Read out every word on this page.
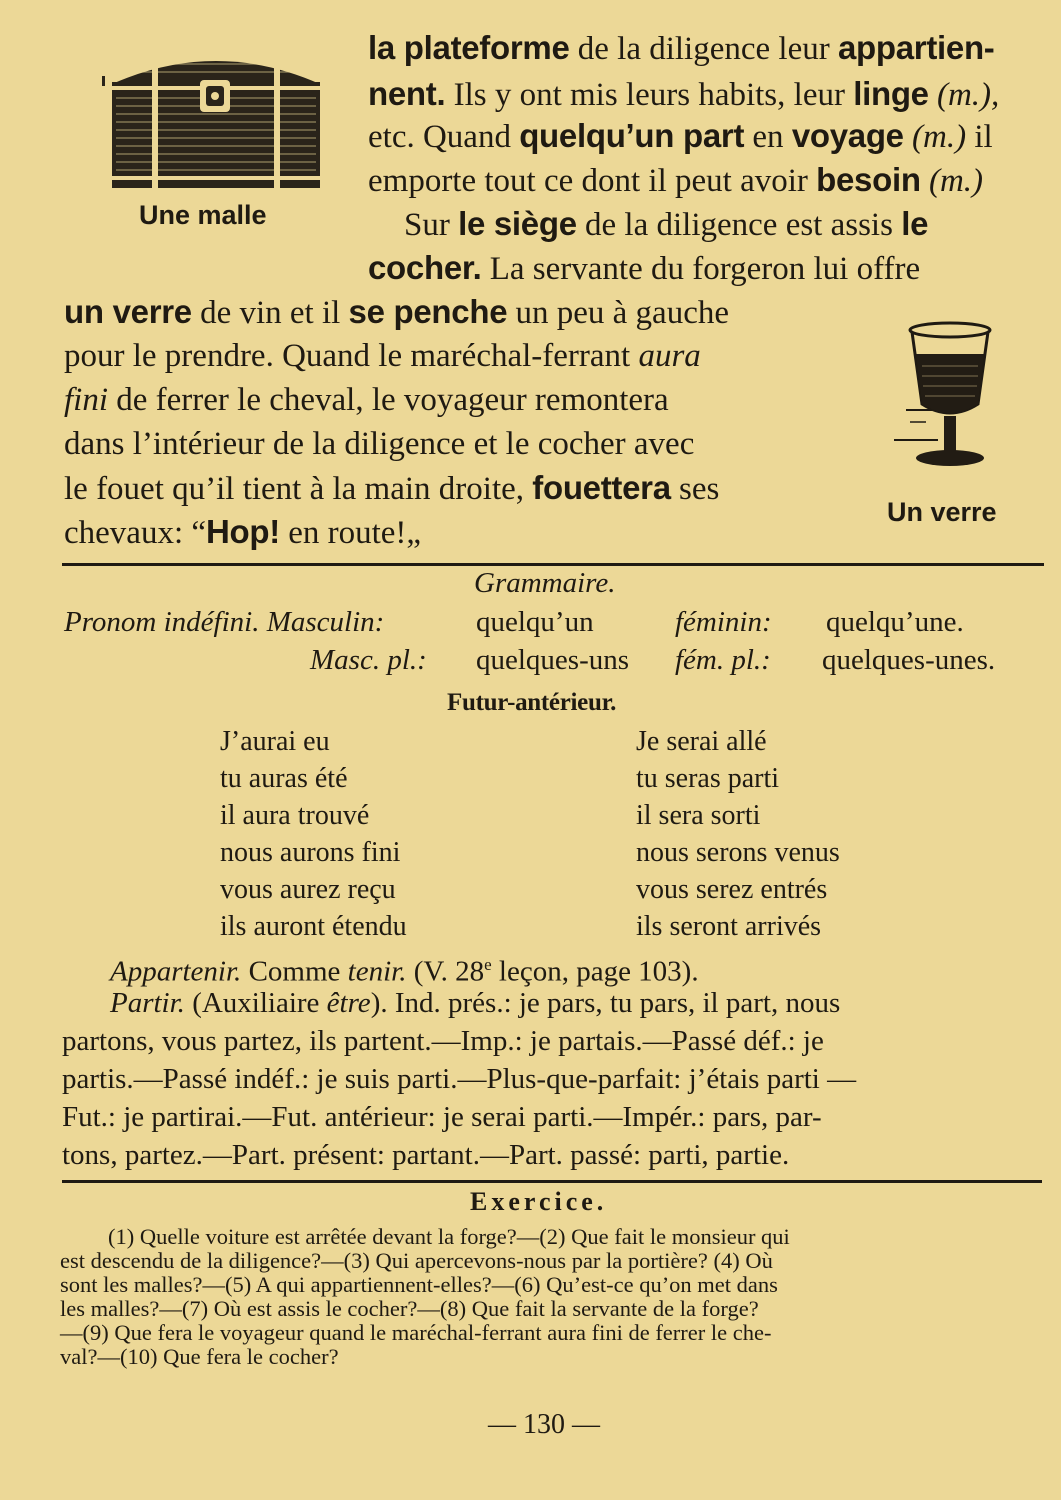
Une malle
Un verre
la plateforme de la diligence leur appartien-
nent. Ils y ont mis leurs habits, leur linge (m.),
etc. Quand quelqu’un part en voyage (m.) il
emporte tout ce dont il peut avoir besoin (m.)
Sur le siège de la diligence est assis le
cocher. La servante du forgeron lui offre
un verre de vin et il se penche un peu à gauche
pour le prendre. Quand le maréchal-ferrant aura
fini de ferrer le cheval, le voyageur remontera
dans l’intérieur de la diligence et le cocher avec
le fouet qu’il tient à la main droite, fouettera ses
chevaux: “Hop! en route!„
Grammaire.
Pronom indéfini. Masculin:	quelqu’un	féminin: quelqu’une.
Masc. pl.: quelques-uns fém. pl.: quelques-unes.
Futur-antérieur.
J’aurai eu
tu auras été
il aura trouvé
nous aurons fini
vous aurez reçu
ils auront étendu
Je serai allé
tu seras parti
il sera sorti
nous serons venus
vous serez entrés
ils seront arrivés
Appartenir. Comme tenir. (V. 28e leçon, page 103).
Partir. (Auxiliaire être). Ind. prés.: je pars, tu pars, il part, nous
partons, vous partez, ils partent.—Imp.: je partais.—Passé déf.: je
partis.—Passé indéf.: je suis parti.—Plus-que-parfait: j’étais parti —
Fut.: je partirai.—Fut. antérieur: je serai parti.—Impér.: pars, par-
tons, partez.—Part. présent: partant.—Part. passé: parti, partie.
Exercice.
(1) Quelle voiture est arrêtée devant la forge?—(2) Que fait le monsieur qui
est descendu de la diligence?—(3) Qui apercevons-nous par la portière? (4) Où
sont les malles?—(5) A qui appartiennent-elles?—(6) Qu’est-ce qu’on met dans
les malles?—(7) Où est assis le cocher?—(8) Que fait la servante de la forge?
—(9) Que fera le voyageur quand le maréchal-ferrant aura fini de ferrer le che-
val?—(10) Que fera le cocher?
— 130 —
